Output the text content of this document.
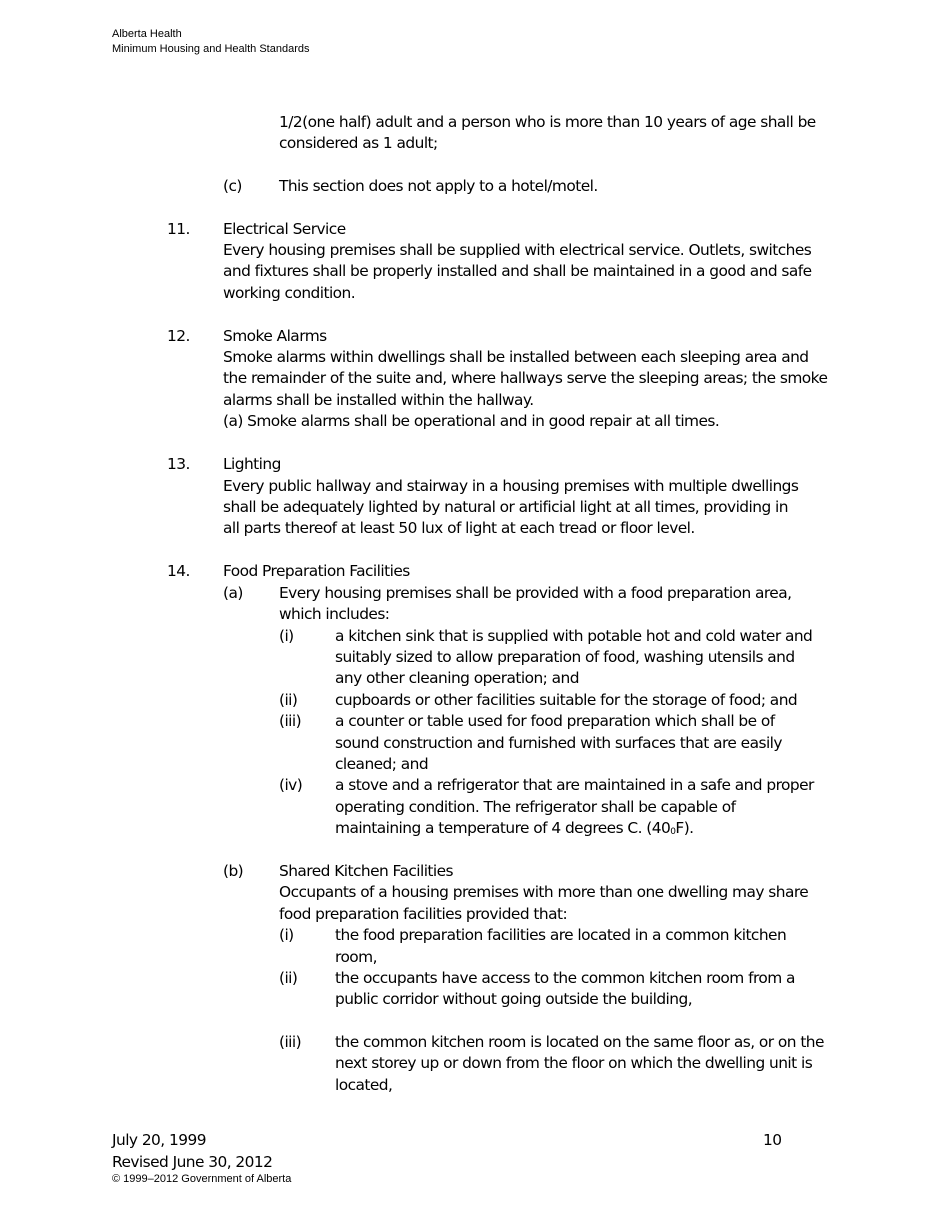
Alberta Health
Minimum Housing and Health Standards
1/2(one half) adult and a person who is more than 10 years of age shall be
considered as 1 adult;
(c) This section does not apply to a hotel/motel.
11. Electrical Service
Every housing premises shall be supplied with electrical service. Outlets, switches
and fixtures shall be properly installed and shall be maintained in a good and safe
working condition.
12. Smoke Alarms
Smoke alarms within dwellings shall be installed between each sleeping area and
the remainder of the suite and, where hallways serve the sleeping areas; the smoke
alarms shall be installed within the hallway.
(a) Smoke alarms shall be operational and in good repair at all times.
13. Lighting
Every public hallway and stairway in a housing premises with multiple dwellings
shall be adequately lighted by natural or artificial light at all times, providing in
all parts thereof at least 50 lux of light at each tread or floor level.
14. Food Preparation Facilities
(a) Every housing premises shall be provided with a food preparation area,
which includes:
(i)	a kitchen sink that is supplied with potable hot and cold water and
suitably sized to allow preparation of food, washing utensils and
any other cleaning operation; and
(ii) cupboards or other facilities suitable for the storage of food; and
(iii) a counter or table used for food preparation which shall be of
sound construction and furnished with surfaces that are easily
cleaned; and
(iv) a stove and a refrigerator that are maintained in a safe and proper
operating condition. The refrigerator shall be capable of
maintaining a temperature of 4 degrees C. (400F).
(b) Shared Kitchen Facilities
Occupants of a housing premises with more than one dwelling may share
food preparation facilities provided that:
(i)	the food preparation facilities are located in a common kitchen
room,
(ii) the occupants have access to the common kitchen room from a
public corridor without going outside the building,
(iii) the common kitchen room is located on the same floor as, or on the
next storey up or down from the floor on which the dwelling unit is
located,
July 20, 1999	10
Revised June 30, 2012
© 1999–2012 Government of Alberta
